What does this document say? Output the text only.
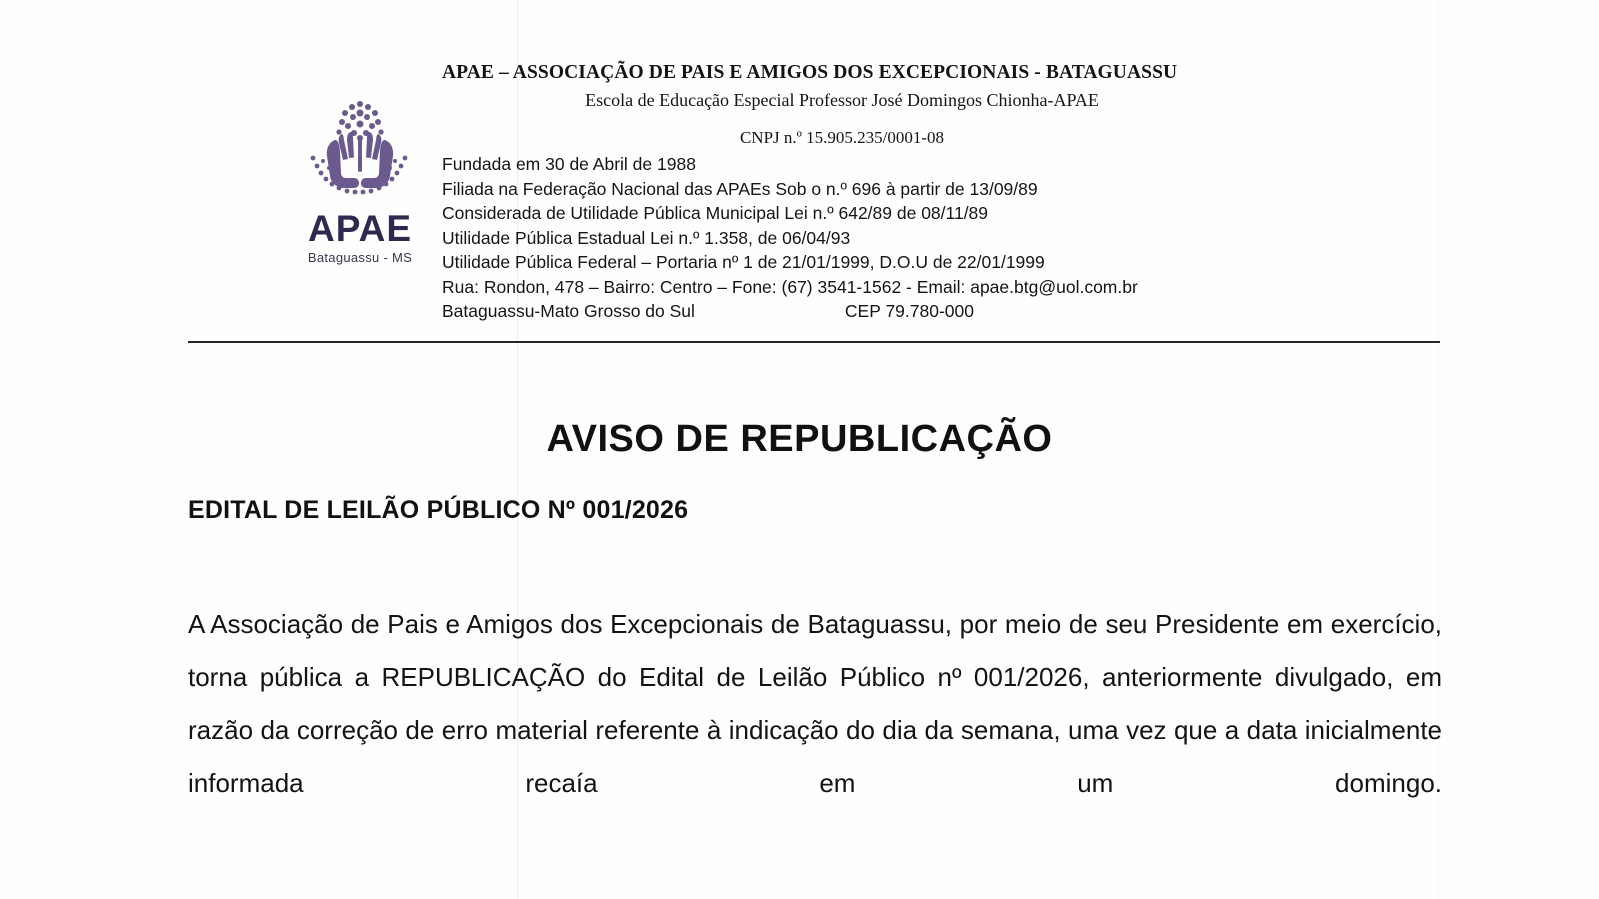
APAE
Bataguassu - MS
APAE – ASSOCIAÇÃO DE PAIS E AMIGOS DOS EXCEPCIONAIS - BATAGUASSU
Escola de Educação Especial Professor José Domingos Chionha-APAE
CNPJ n.º 15.905.235/0001-08
Fundada em 30 de Abril de 1988
Filiada na Federação Nacional das APAEs Sob o n.º 696 à partir de 13/09/89
Considerada de Utilidade Pública Municipal Lei n.º 642/89 de 08/11/89
Utilidade Pública Estadual Lei n.º 1.358, de 06/04/93
Utilidade Pública Federal – Portaria nº 1 de 21/01/1999, D.O.U de 22/01/1999
Rua: Rondon, 478 – Bairro: Centro – Fone: (67) 3541-1562 - Email: apae.btg@uol.com.br
Bataguassu-Mato Grosso do Sul	CEP 79.780-000
AVISO DE REPUBLICAÇÃO
EDITAL DE LEILÃO PÚBLICO Nº 001/2026
A Associação de Pais e Amigos dos Excepcionais de Bataguassu, por meio de seu Presidente em exercício, torna pública a REPUBLICAÇÃO do Edital de Leilão Público nº 001/2026, anteriormente divulgado, em razão da correção de erro material referente à indicação do dia da semana, uma vez que a data inicialmente informada recaía em um domingo.
